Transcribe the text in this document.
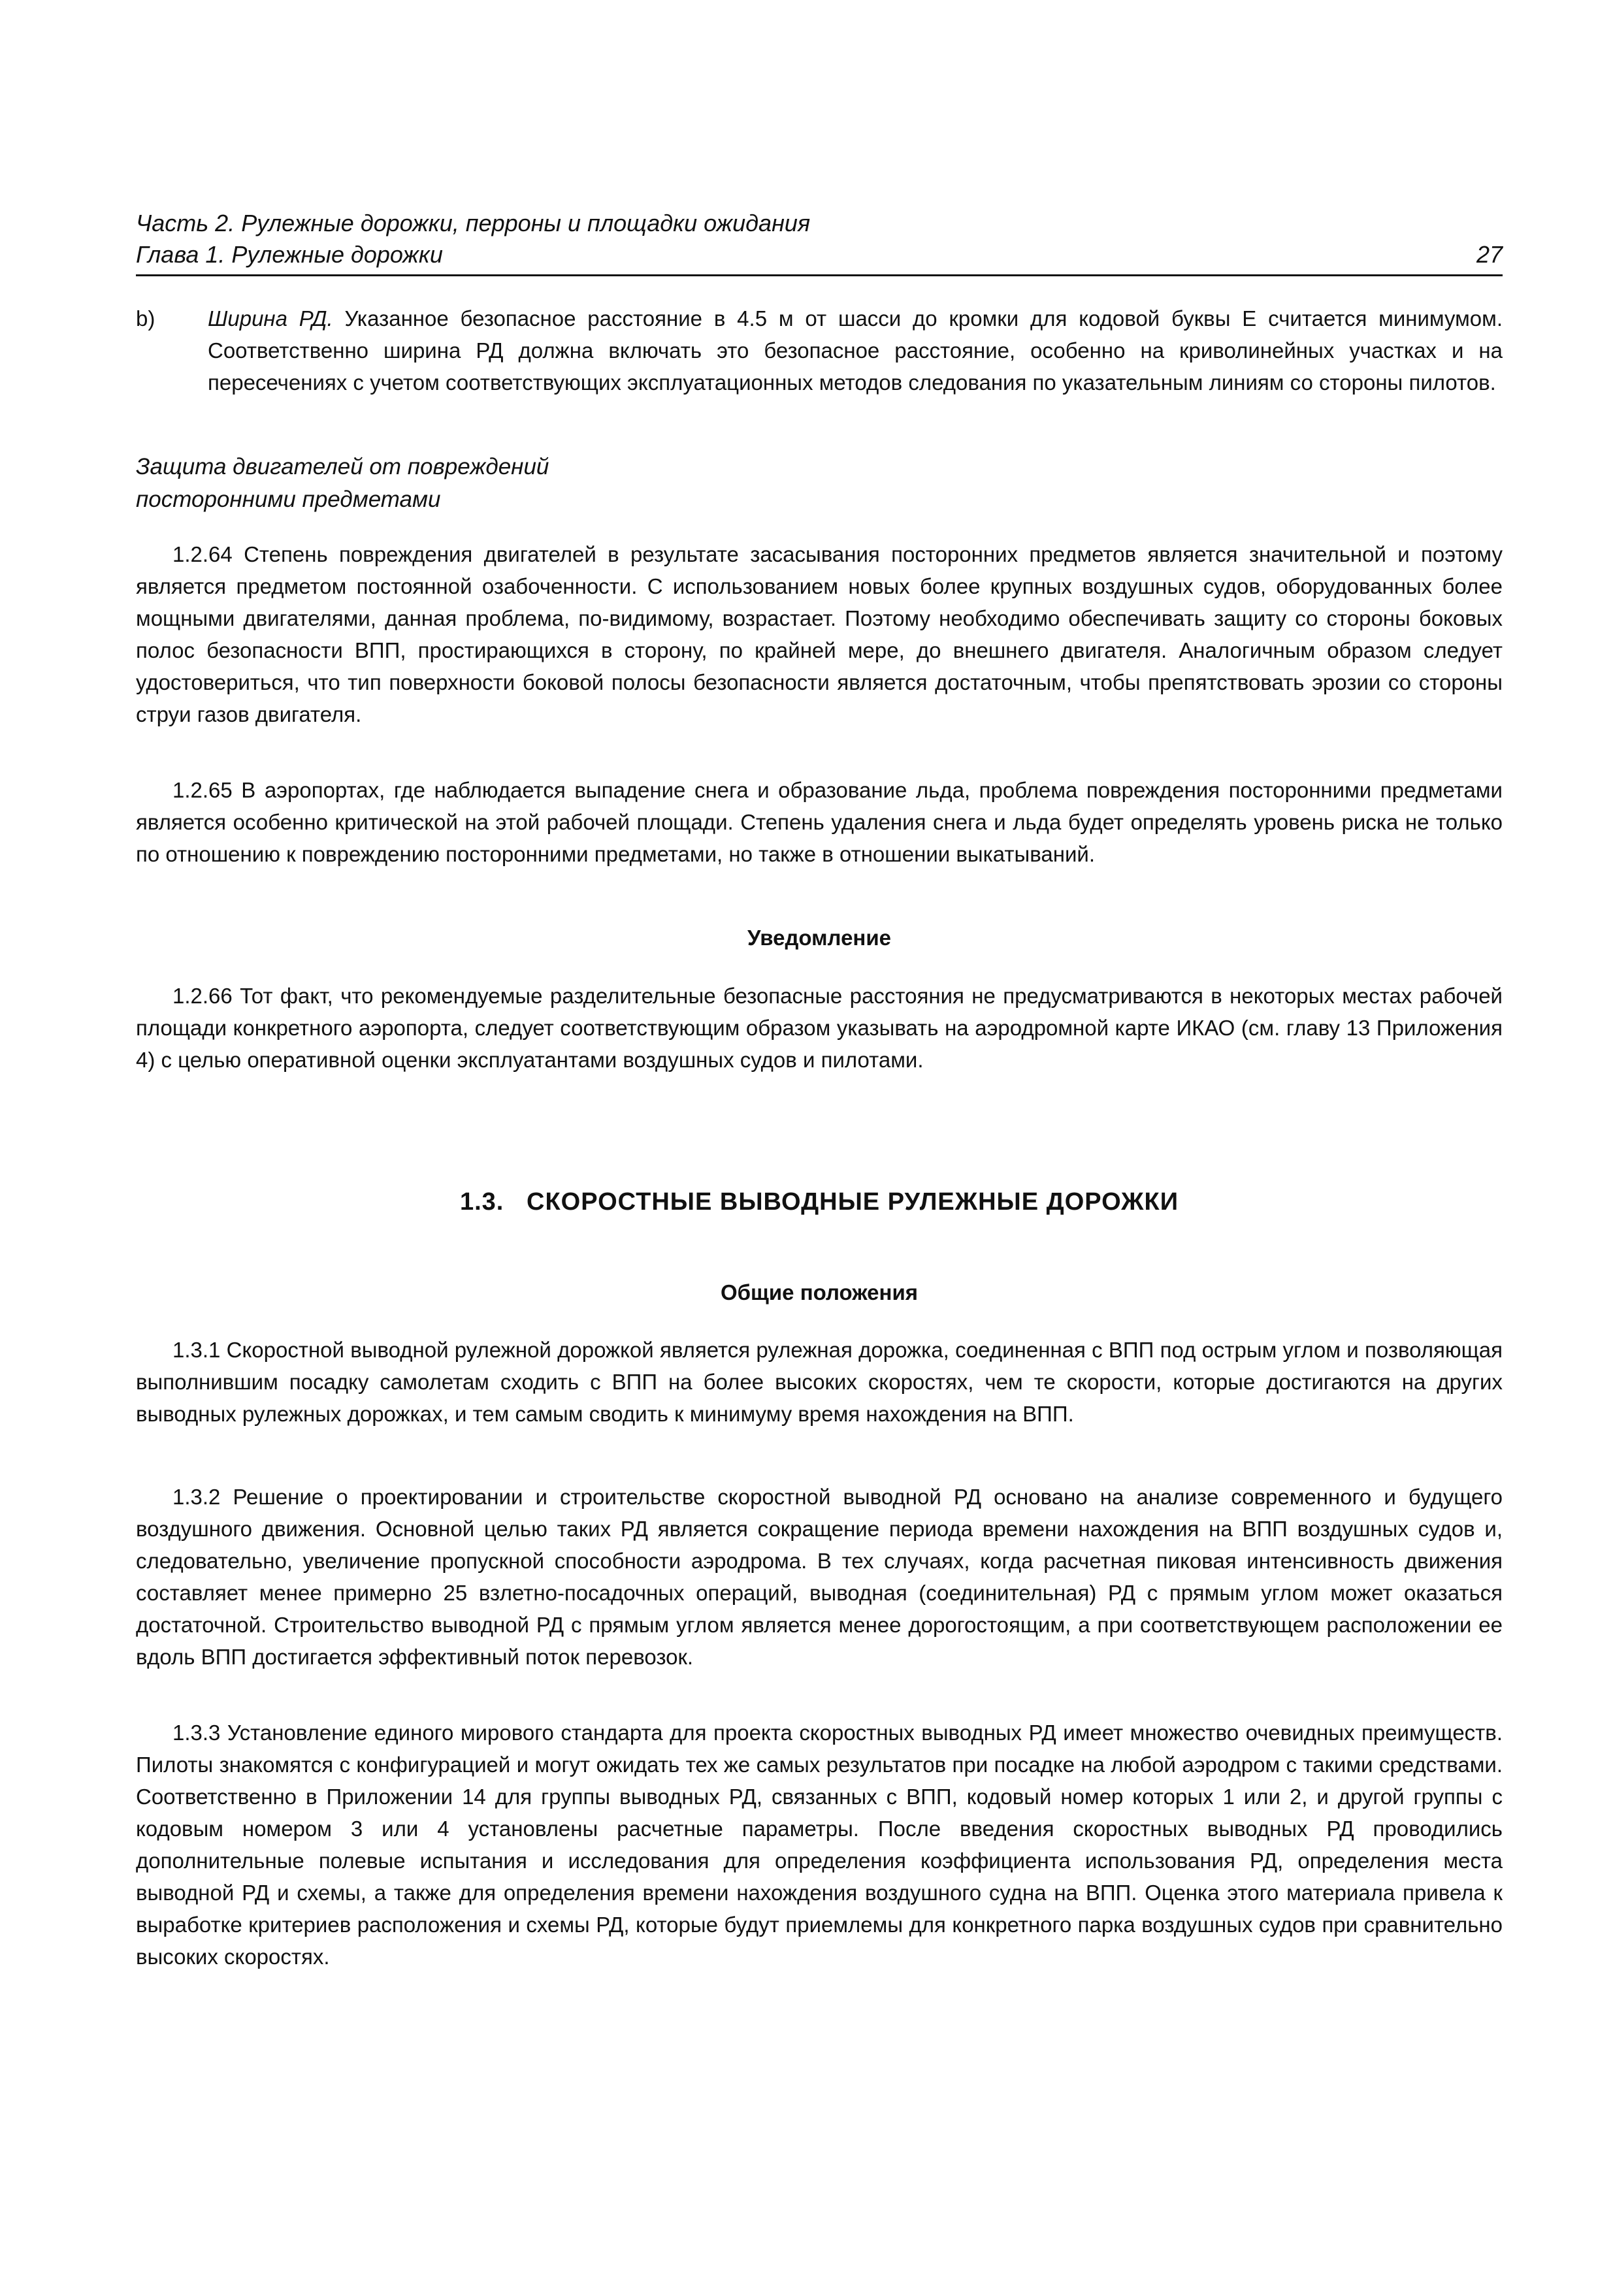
Часть 2. Рулежные дорожки, перроны и площадки ожидания
Глава 1. Рулежные дорожки	27
b) Ширина РД. Указанное безопасное расстояние в 4.5 м от шасси до кромки для кодовой буквы E считается минимумом. Соответственно ширина РД должна включать это безопасное расстояние, особенно на криволинейных участках и на пересечениях с учетом соответствующих эксплуатационных методов следования по указательным линиям со стороны пилотов.
Защита двигателей от повреждений
посторонними предметами
1.2.64 Степень повреждения двигателей в результате засасывания посторонних предметов является значительной и поэтому является предметом постоянной озабоченности. С использованием новых более крупных воздушных судов, оборудованных более мощными двигателями, данная проблема, по-видимому, возрастает. Поэтому необходимо обеспечивать защиту со стороны боковых полос безопасности ВПП, простирающихся в сторону, по крайней мере, до внешнего двигателя. Аналогичным образом следует удостовериться, что тип поверхности боковой полосы безопасности является достаточным, чтобы препятствовать эрозии со стороны струи газов двигателя.
1.2.65 В аэропортах, где наблюдается выпадение снега и образование льда, проблема повреждения посторонними предметами является особенно критической на этой рабочей площади. Степень удаления снега и льда будет определять уровень риска не только по отношению к повреждению посторонними предметами, но также в отношении выкатываний.
Уведомление
1.2.66 Тот факт, что рекомендуемые разделительные безопасные расстояния не предусматриваются в некоторых местах рабочей площади конкретного аэропорта, следует соответствующим образом указывать на аэродромной карте ИКАО (см. главу 13 Приложения 4) с целью оперативной оценки эксплуатантами воздушных судов и пилотами.
1.3.   СКОРОСТНЫЕ ВЫВОДНЫЕ РУЛЕЖНЫЕ ДОРОЖКИ
Общие положения
1.3.1 Скоростной выводной рулежной дорожкой является рулежная дорожка, соединенная с ВПП под острым углом и позволяющая выполнившим посадку самолетам сходить с ВПП на более высоких скоростях, чем те скорости, которые достигаются на других выводных рулежных дорожках, и тем самым сводить к минимуму время нахождения на ВПП.
1.3.2 Решение о проектировании и строительстве скоростной выводной РД основано на анализе современного и будущего воздушного движения. Основной целью таких РД является сокращение периода времени нахождения на ВПП воздушных судов и, следовательно, увеличение пропускной способности аэродрома. В тех случаях, когда расчетная пиковая интенсивность движения составляет менее примерно 25 взлетно-посадочных операций, выводная (соединительная) РД с прямым углом может оказаться достаточной. Строительство выводной РД с прямым углом является менее дорогостоящим, а при соответствующем расположении ее вдоль ВПП достигается эффективный поток перевозок.
1.3.3 Установление единого мирового стандарта для проекта скоростных выводных РД имеет множество очевидных преимуществ. Пилоты знакомятся с конфигурацией и могут ожидать тех же самых результатов при посадке на любой аэродром с такими средствами. Соответственно в Приложении 14 для группы выводных РД, связанных с ВПП, кодовый номер которых 1 или 2, и другой группы с кодовым номером 3 или 4 установлены расчетные параметры. После введения скоростных выводных РД проводились дополнительные полевые испытания и исследования для определения коэффициента использования РД, определения места выводной РД и схемы, а также для определения времени нахождения воздушного судна на ВПП. Оценка этого материала привела к выработке критериев расположения и схемы РД, которые будут приемлемы для конкретного парка воздушных судов при сравнительно высоких скоростях.
